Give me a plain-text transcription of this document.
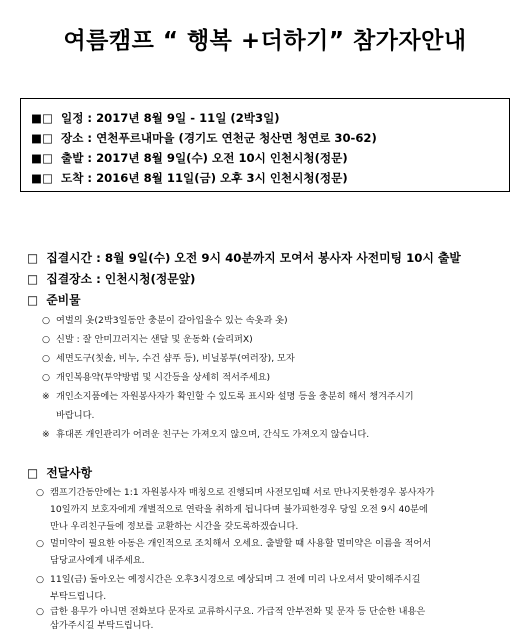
여름캠프 “ 행복 +더하기” 참가자안내
■□ 일정 : 2017년 8월 9일 - 11일 (2박3일)
■□ 장소 : 연천푸르내마을 (경기도 연천군 청산면 청연로 30-62)
■□ 출발 : 2017년 8월 9일(수) 오전 10시 인천시청(정문)
■□ 도착 : 2016년 8월 11일(금) 오후 3시 인천시청(정문)
□ 집결시간 : 8월 9일(수) 오전 9시 40분까지 모여서 봉사자 사전미팅 10시 출발
□ 집결장소 : 인천시청(정문앞)
□ 준비물
○ 여벌의 옷(2박3일동안 충분이 갈아입을수 있는 속옷과 옷)
○ 신발 : 잘 안미끄러지는 샌달 및 운동화 (슬리퍼X)
○ 세면도구(칫솔, 비누, 수건 샴푸 등), 비닐봉투(여러장), 모자
○ 개인복용약(투약방법 및 시간등을 상세히 적서주세요)
※ 개인소지품에는 자원봉사자가 확인할 수 있도록 표시와 설명 등을 충분히 해서 챙겨주시기
바랍니다.
※ 휴대폰 개인관리가 어려운 친구는 가져오지 않으며, 간식도 가져오지 않습니다.
□ 전달사항
○ 캠프기간동안에는 1:1 자원봉사자 매칭으로 진행되며 사전모임때 서로 만나지못한경우 봉사자가
10일까지 보호자에게 개별적으로 연락을 취하게 됩니다며 불가피한경우 당일 오전 9시 40분에
만나 우리친구들에 정보를 교환하는 시간을 갖도록하겠습니다.
○ 멀미약이 필요한 아동은 개인적으로 조치해서 오세요. 출발할 때 사용할 멀미약은 이름을 적어서
담당교사에게 내주세요.
○ 11일(금) 돌아오는 예정시간은 오후3시경으로 예상되며 그 전에 미리 나오셔서 맞이해주시길
부탁드립니다.
○ 급한 용무가 아니면 전화보다 문자로 교류하시구요. 가급적 안부전화 및 문자 등 단순한 내용은
삼가주시길 부탁드립니다.
